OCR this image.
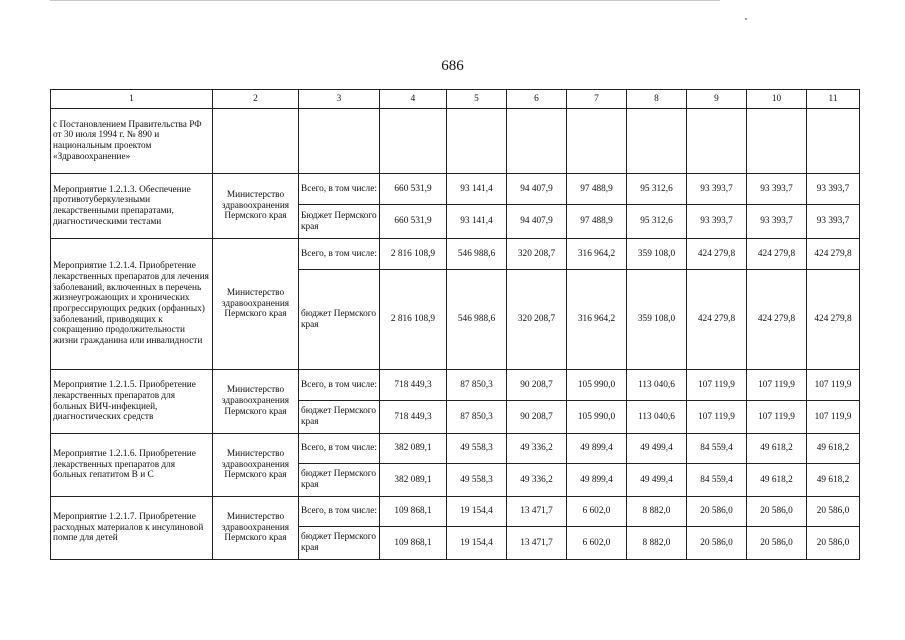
686
1	2	3	4	5	6	7	8	9	10	11
с Постановлением Правительства РФ от 30 июля 1994 г. № 890 и национальным проектом «Здравоохранение»										
Мероприятие 1.2.1.3. Обеспечение противотуберкулезными лекарственными препаратами, диагностическими тестами	Министерство здравоохранения Пермского края	Всего, в том числе:	660 531,9	93 141,4	94 407,9	97 488,9	95 312,6	93 393,7	93 393,7	93 393,7
		Бюджет Пермского края	660 531,9	93 141,4	94 407,9	97 488,9	95 312,6	93 393,7	93 393,7	93 393,7
Мероприятие 1.2.1.4. Приобретение лекарственных препаратов для лечения заболеваний, включенных в перечень жизнеугрожающих и хронических прогрессирующих редких (орфанных) заболеваний, приводящих к сокращению продолжительности жизни гражданина или инвалидности	Министерство здравоохранения Пермского края	Всего, в том числе:	2 816 108,9	546 988,6	320 208,7	316 964,2	359 108,0	424 279,8	424 279,8	424 279,8
		бюджет Пермского края	2 816 108,9	546 988,6	320 208,7	316 964,2	359 108,0	424 279,8	424 279,8	424 279,8
Мероприятие 1.2.1.5. Приобретение лекарственных препаратов для больных ВИЧ-инфекцией, диагностических средств	Министерство здравоохранения Пермского края	Всего, в том числе:	718 449,3	87 850,3	90 208,7	105 990,0	113 040,6	107 119,9	107 119,9	107 119,9
		бюджет Пермского края	718 449,3	87 850,3	90 208,7	105 990,0	113 040,6	107 119,9	107 119,9	107 119,9
Мероприятие 1.2.1.6. Приобретение лекарственных препаратов для больных гепатитом В и С	Министерство здравоохранения Пермского края	Всего, в том числе:	382 089,1	49 558,3	49 336,2	49 899,4	49 499,4	84 559,4	49 618,2	49 618,2
		бюджет Пермского края	382 089,1	49 558,3	49 336,2	49 899,4	49 499,4	84 559,4	49 618,2	49 618,2
Мероприятие 1.2.1.7. Приобретение расходных материалов к инсулиновой помпе для детей	Министерство здравоохранения Пермского края	Всего, в том числе:	109 868,1	19 154,4	13 471,7	6 602,0	8 882,0	20 586,0	20 586,0	20 586,0
		бюджет Пермского края	109 868,1	19 154,4	13 471,7	6 602,0	8 882,0	20 586,0	20 586,0	20 586,0
